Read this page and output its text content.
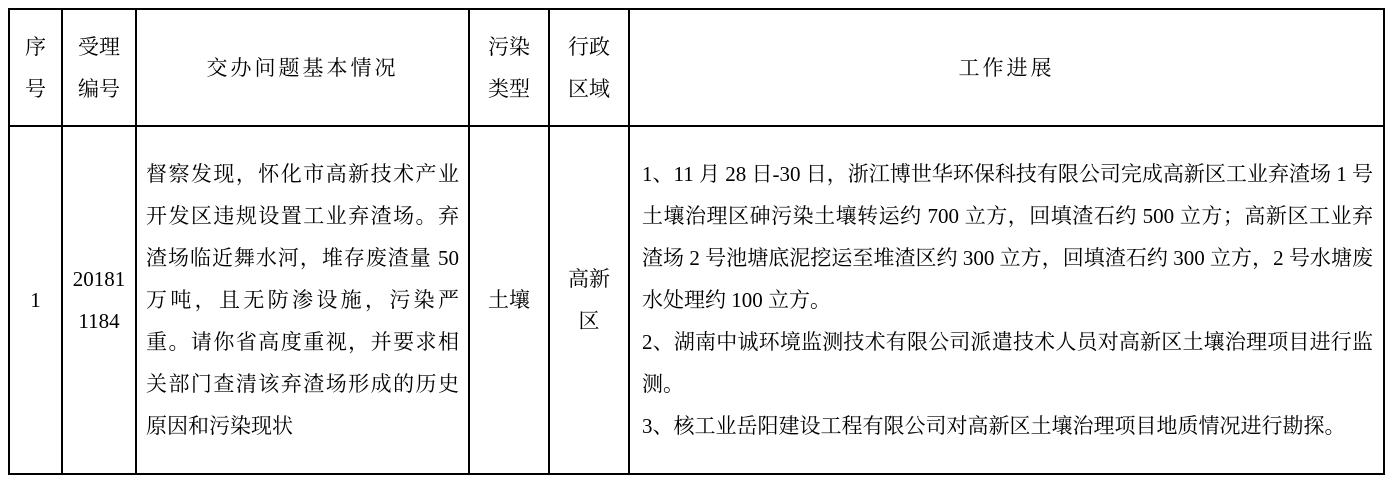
序号	受理编号	交办问题基本情况	污染类型	行政区域	工作进展
1	201811184	督察发现，怀化市高新技术产业开发区违规设置工业弃渣场。弃渣场临近舞水河，堆存废渣量 50 万吨，且无防渗设施，污染严重。请你省高度重视，并要求相关部门查清该弃渣场形成的历史原因和污染现状	土壤	高新区	1、11 月 28 日-30 日，浙江博世华环保科技有限公司完成高新区工业弃渣场 1 号土壤治理区砷污染土壤转运约 700 立方，回填渣石约 500 立方；高新区工业弃渣场 2 号池塘底泥挖运至堆渣区约 300 立方，回填渣石约 300 立方，2 号水塘废水处理约 100 立方。

2、湖南中诚环境监测技术有限公司派遣技术人员对高新区土壤治理项目进行监测。

3、核工业岳阳建设工程有限公司对高新区土壤治理项目地质情况进行勘探。
